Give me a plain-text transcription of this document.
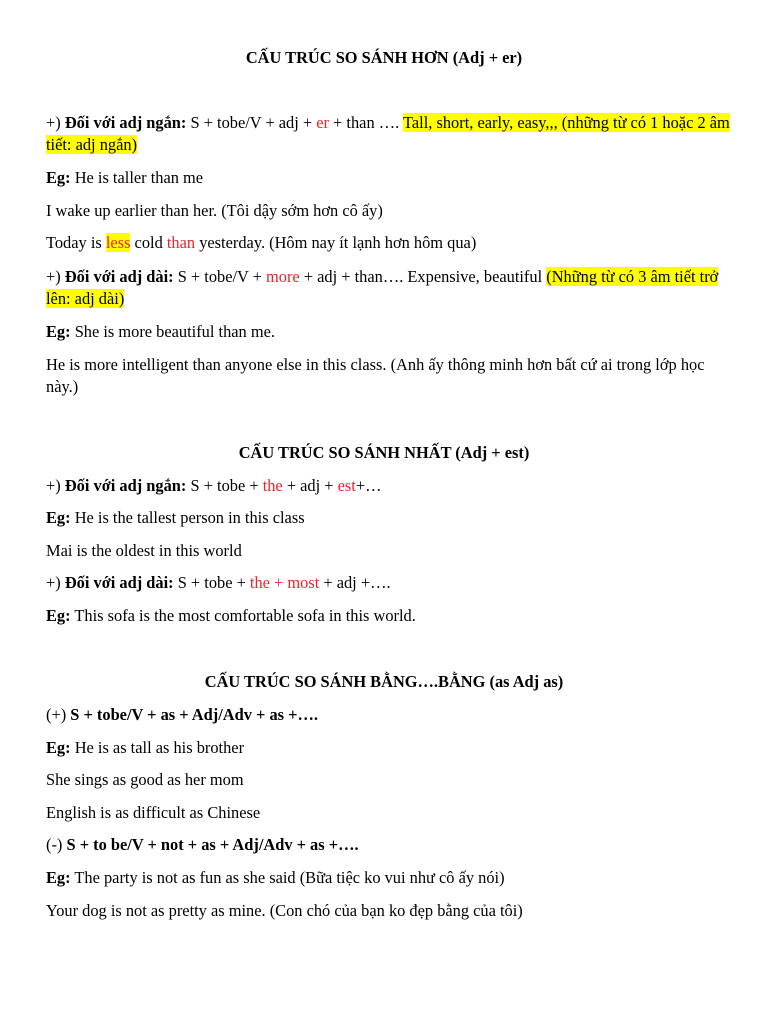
CẤU TRÚC SO SÁNH HƠN (Adj + er)
+) Đối với adj ngắn: S + tobe/V + adj + er + than …. Tall, short, early, easy,,, (những từ có 1 hoặc 2 âm tiết: adj ngắn)
Eg: He is taller than me
I wake up earlier than her. (Tôi dậy sớm hơn cô ấy)
Today is less cold than yesterday. (Hôm nay ít lạnh hơn hôm qua)
+) Đối với adj dài: S + tobe/V + more + adj + than…. Expensive, beautiful (Những từ có 3 âm tiết trở lên: adj dài)
Eg: She is more beautiful than me.
He is more intelligent than anyone else in this class. (Anh ấy thông minh hơn bất cứ ai trong lớp học này.)
CẤU TRÚC SO SÁNH NHẤT (Adj + est)
+) Đối với adj ngắn: S + tobe + the + adj + est+…
Eg: He is the tallest person in this class
Mai is the oldest in this world
+) Đối với adj dài: S + tobe + the + most + adj +….
Eg: This sofa is the most comfortable sofa in this world.
CẤU TRÚC SO SÁNH BẰNG….BẰNG (as Adj as)
(+) S + tobe/V + as + Adj/Adv + as +….
Eg: He is as tall as his brother
She sings as good as her mom
English is as difficult as Chinese
(-) S + to be/V + not + as + Adj/Adv + as +….
Eg: The party is not as fun as she said (Bữa tiệc ko vui như cô ấy nói)
Your dog is not as pretty as mine. (Con chó của bạn ko đẹp bằng của tôi)
